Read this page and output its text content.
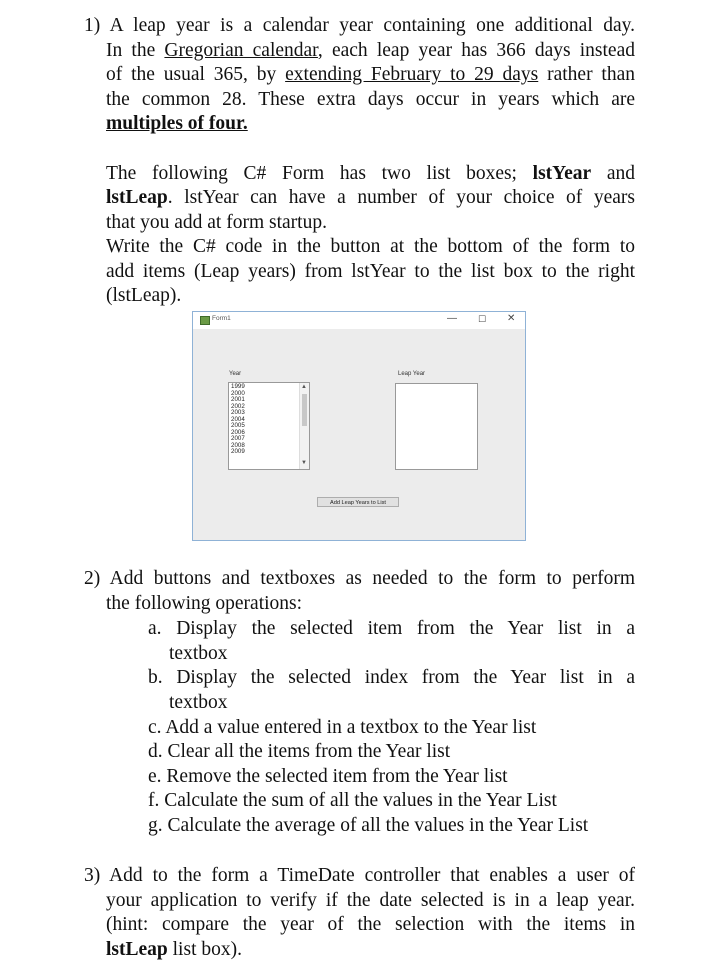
1) A leap year is a calendar year containing one additional day.
In the Gregorian calendar, each leap year has 366 days instead
of the usual 365, by extending February to 29 days rather than
the common 28. These extra days occur in years which are
multiples of four.
The following C# Form has two list boxes; lstYear and
lstLeap. lstYear can have a number of your choice of years
that you add at form startup.
Write the C# code in the button at the bottom of the form to
add items (Leap years) from lstYear to the list box to the right
(lstLeap).
Form1	— ☐ ✕
Year	Leap Year
1999
2000
2001
2002
2003
2004
2005
2006
2007
2008
2009
▲
▼
Add Leap Years to List
2) Add buttons and textboxes as needed to the form to perform
the following operations:
a. Display the selected item from the Year list in a
textbox
b. Display the selected index from the Year list in a
textbox
c. Add a value entered in a textbox to the Year list
d. Clear all the items from the Year list
e. Remove the selected item from the Year list
f. Calculate the sum of all the values in the Year List
g. Calculate the average of all the values in the Year List
3) Add to the form a TimeDate controller that enables a user of
your application to verify if the date selected is in a leap year.
(hint: compare the year of the selection with the items in
lstLeap list box).
